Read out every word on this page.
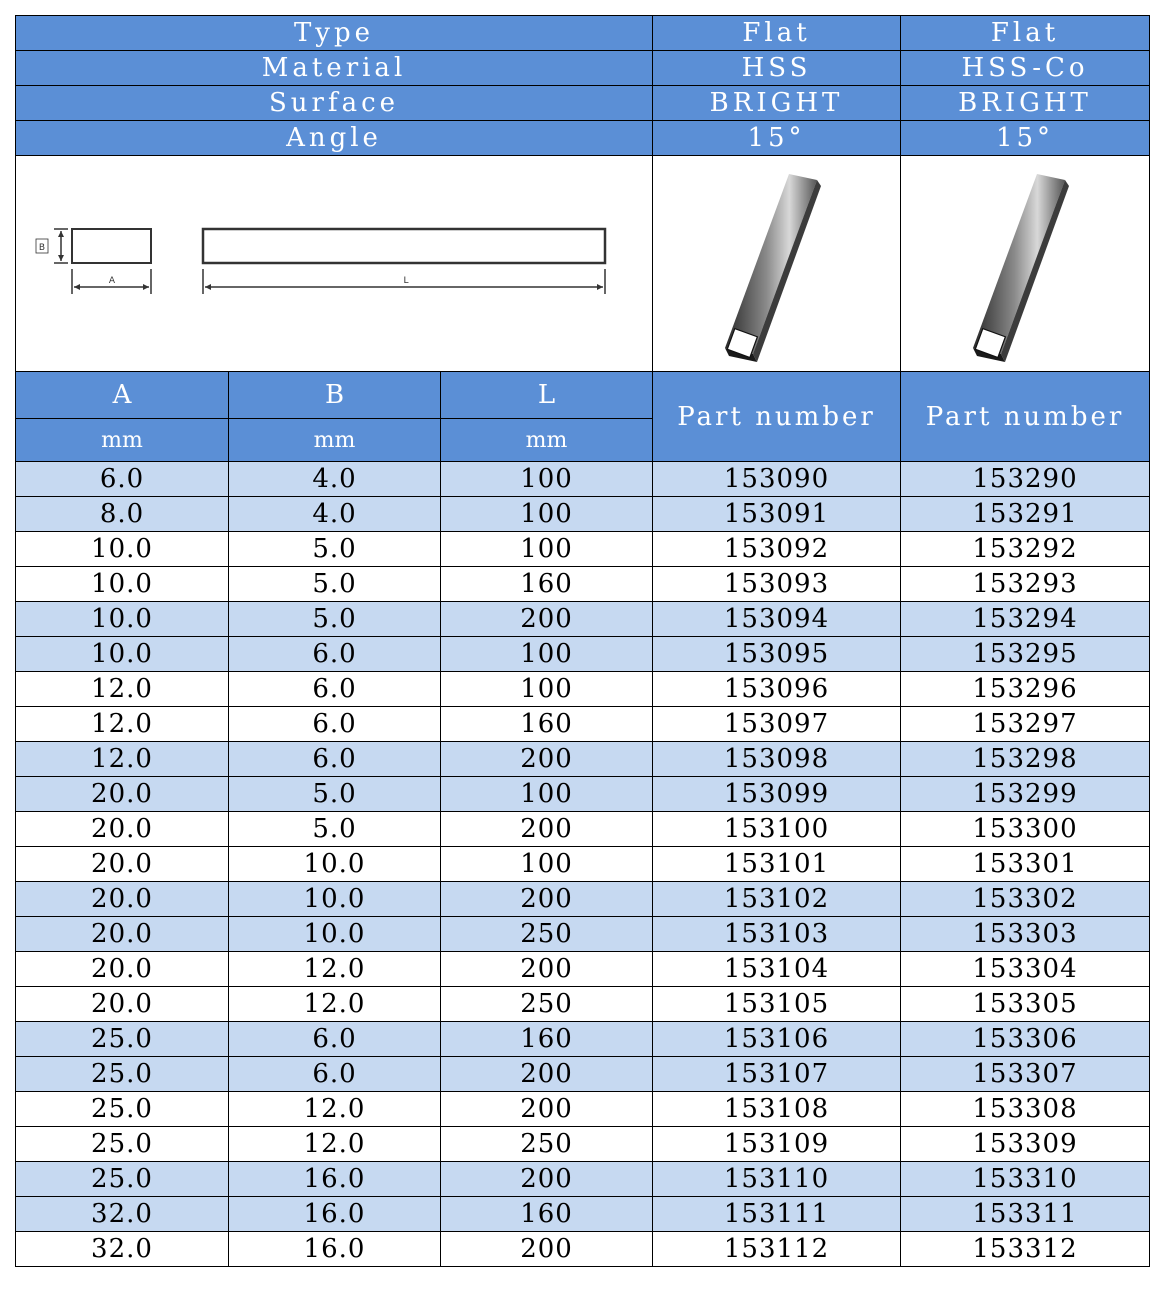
Type			Flat	Flat
Material			HSS	HSS-Co
Surface			BRIGHT	BRIGHT
Angle			15°	15°

B
A L

A	B	L	Part number	Part number
mm	mm	mm		
6.0	4.0	100	153090	153290
8.0	4.0	100	153091	153291
10.0	5.0	100	153092	153292
10.0	5.0	160	153093	153293
10.0	5.0	200	153094	153294
10.0	6.0	100	153095	153295
12.0	6.0	100	153096	153296
12.0	6.0	160	153097	153297
12.0	6.0	200	153098	153298
20.0	5.0	100	153099	153299
20.0	5.0	200	153100	153300
20.0	10.0	100	153101	153301
20.0	10.0	200	153102	153302
20.0	10.0	250	153103	153303
20.0	12.0	200	153104	153304
20.0	12.0	250	153105	153305
25.0	6.0	160	153106	153306
25.0	6.0	200	153107	153307
25.0	12.0	200	153108	153308
25.0	12.0	250	153109	153309
25.0	16.0	200	153110	153310
32.0	16.0	160	153111	153311
32.0	16.0	200	153112	153312
